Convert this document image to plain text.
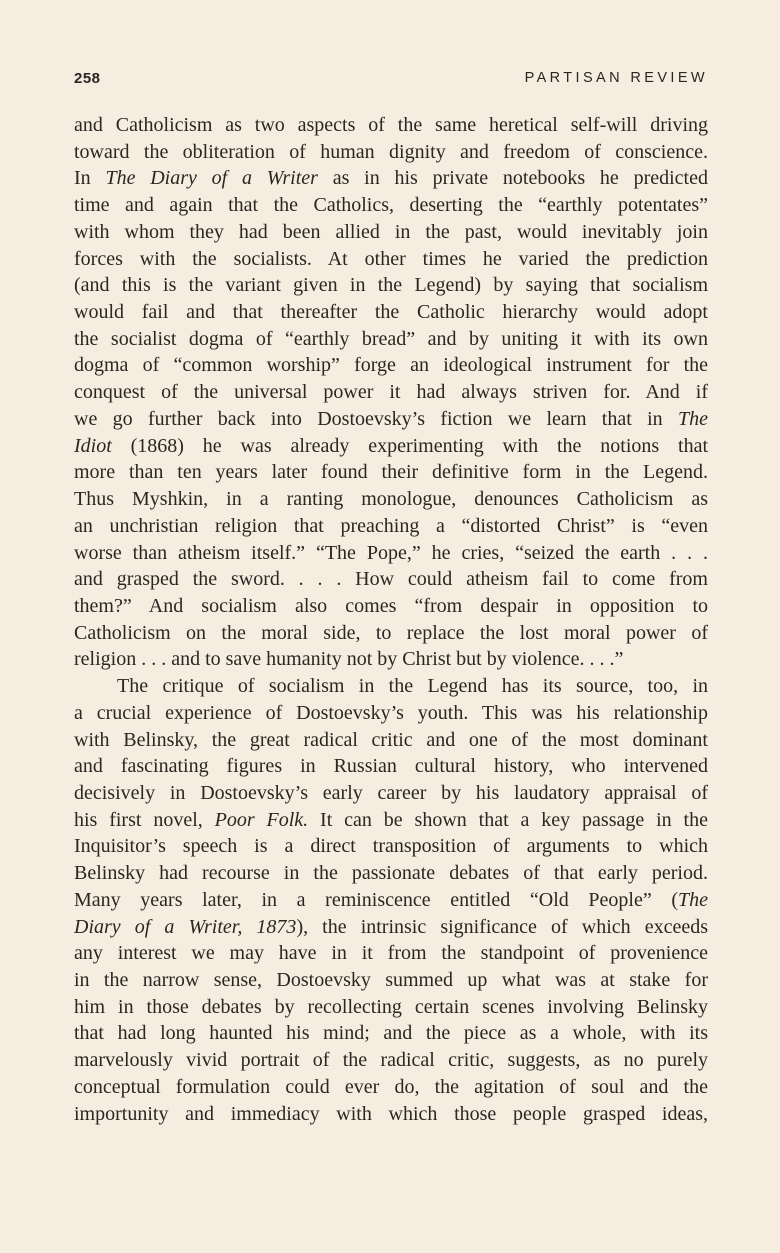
258	PARTISAN REVIEW
and Catholicism as two aspects of the same heretical self-will driving
toward the obliteration of human dignity and freedom of conscience.
In The Diary of a Writer as in his private notebooks he predicted
time and again that the Catholics, deserting the “earthly potentates”
with whom they had been allied in the past, would inevitably join
forces with the socialists. At other times he varied the prediction
(and this is the variant given in the Legend) by saying that socialism
would fail and that thereafter the Catholic hierarchy would adopt
the socialist dogma of “earthly bread” and by uniting it with its own
dogma of “common worship” forge an ideological instrument for the
conquest of the universal power it had always striven for. And if
we go further back into Dostoevsky’s fiction we learn that in The
Idiot (1868) he was already experimenting with the notions that
more than ten years later found their definitive form in the Legend.
Thus Myshkin, in a ranting monologue, denounces Catholicism as
an unchristian religion that preaching a “distorted Christ” is “even
worse than atheism itself.” “The Pope,” he cries, “seized the earth . . .
and grasped the sword. . . . How could atheism fail to come from
them?” And socialism also comes “from despair in opposition to
Catholicism on the moral side, to replace the lost moral power of
religion . . . and to save humanity not by Christ but by violence. . . .”
The critique of socialism in the Legend has its source, too, in
a crucial experience of Dostoevsky’s youth. This was his relationship
with Belinsky, the great radical critic and one of the most dominant
and fascinating figures in Russian cultural history, who intervened
decisively in Dostoevsky’s early career by his laudatory appraisal of
his first novel, Poor Folk. It can be shown that a key passage in the
Inquisitor’s speech is a direct transposition of arguments to which
Belinsky had recourse in the passionate debates of that early period.
Many years later, in a reminiscence entitled “Old People” (The
Diary of a Writer, 1873), the intrinsic significance of which exceeds
any interest we may have in it from the standpoint of provenience
in the narrow sense, Dostoevsky summed up what was at stake for
him in those debates by recollecting certain scenes involving Belinsky
that had long haunted his mind; and the piece as a whole, with its
marvelously vivid portrait of the radical critic, suggests, as no purely
conceptual formulation could ever do, the agitation of soul and the
importunity and immediacy with which those people grasped ideas,
